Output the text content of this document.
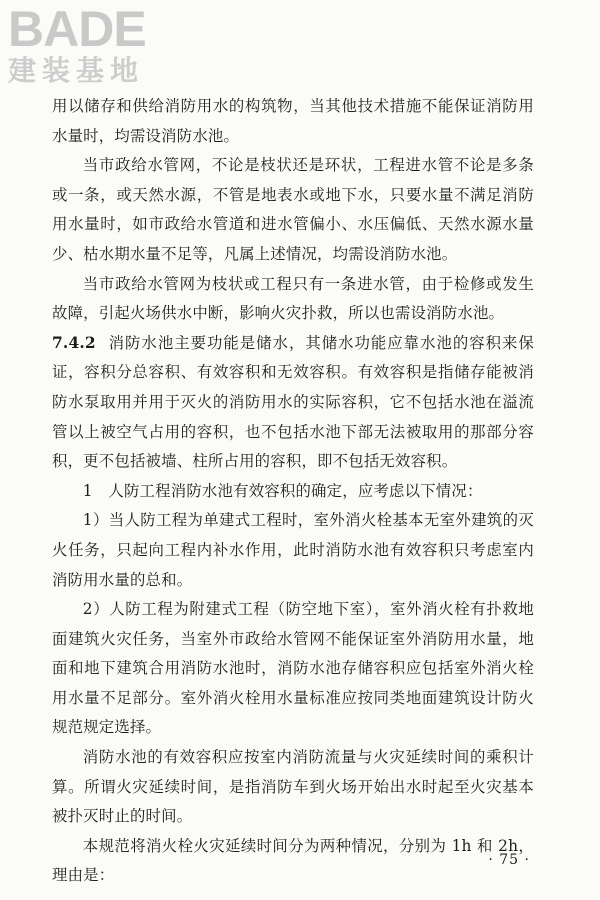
BADE
建装基地

用以储存和供给消防用水的构筑物，当其他技术措施不能保证消防用水量时，均需设消防水池。

当市政给水管网，不论是枝状还是环状，工程进水管不论是多条或一条，或天然水源，不管是地表水或地下水，只要水量不满足消防用水量时，如市政给水管道和进水管偏小、水压偏低、天然水源水量少、枯水期水量不足等，凡属上述情况，均需设消防水池。

当市政给水管网为枝状或工程只有一条进水管，由于检修或发生故障，引起火场供水中断，影响火灾扑救，所以也需设消防水池。

7.4.2 消防水池主要功能是储水，其储水功能应靠水池的容积来保证，容积分总容积、有效容积和无效容积。有效容积是指储存能被消防水泵取用并用于灭火的消防用水的实际容积，它不包括水池在溢流管以上被空气占用的容积，也不包括水池下部无法被取用的那部分容积，更不包括被墙、柱所占用的容积，即不包括无效容积。

1　人防工程消防水池有效容积的确定，应考虑以下情况：

1）当人防工程为单建式工程时，室外消火栓基本无室外建筑的灭火任务，只起向工程内补水作用，此时消防水池有效容积只考虑室内消防用水量的总和。

2）人防工程为附建式工程（防空地下室），室外消火栓有扑救地面建筑火灾任务，当室外市政给水管网不能保证室外消防用水量，地面和地下建筑合用消防水池时，消防水池存储容积应包括室外消火栓用水量不足部分。室外消火栓用水量标准应按同类地面建筑设计防火规范规定选择。

消防水池的有效容积应按室内消防流量与火灾延续时间的乘积计算。所谓火灾延续时间，是指消防车到火场开始出水时起至火灾基本被扑灭时止的时间。

本规范将消火栓火灾延续时间分为两种情况，分别为 1h 和 2h，理由是：

· 75 ·
